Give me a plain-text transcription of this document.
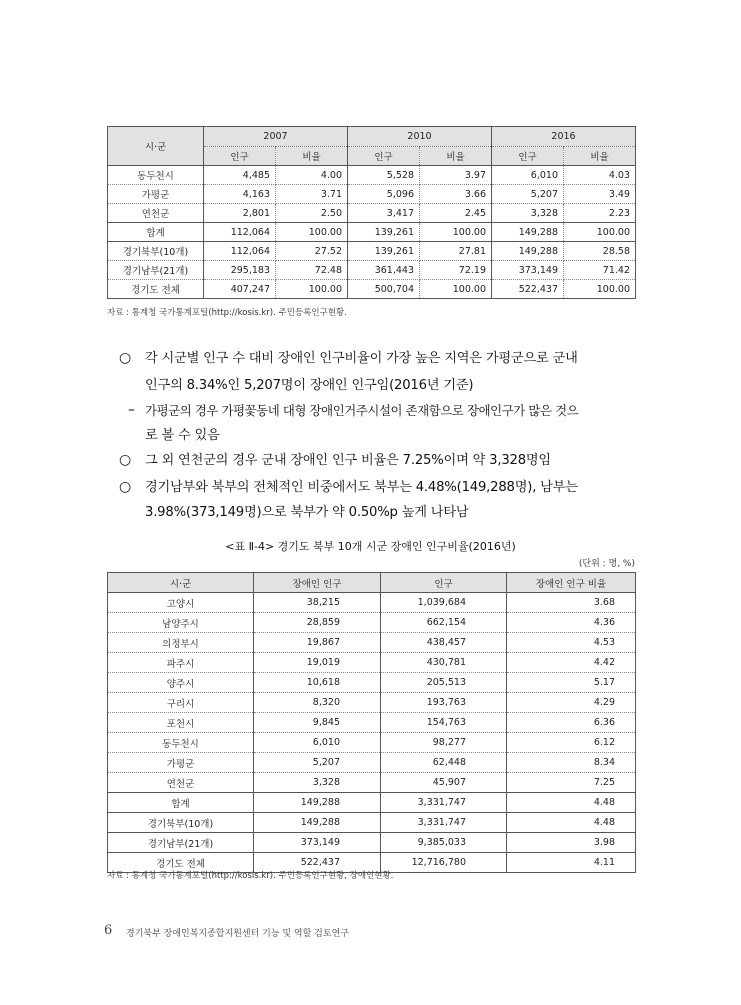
시·군	2007		2010		2016	
	인구	비율	인구	비율	인구	비율
동두천시	4,485	4.00	5,528	3.97	6,010	4.03
가평군	4,163	3.71	5,096	3.66	5,207	3.49
연천군	2,801	2.50	3,417	2.45	3,328	2.23
합계	112,064	100.00	139,261	100.00	149,288	100.00
경기북부(10개)	112,064	27.52	139,261	27.81	149,288	28.58
경기남부(21개)	295,183	72.48	361,443	72.19	373,149	71.42
경기도 전체	407,247	100.00	500,704	100.00	522,437	100.00
자료 : 통계청 국가통계포털(http://kosis.kr). 주민등록인구현황.
○ 각 시군별 인구 수 대비 장애인 인구비율이 가장 높은 지역은 가평군으로 군내
인구의 8.34%인 5,207명이 장애인 인구임(2016년 기준)
– 가평군의 경우 가평꽃동네 대형 장애인거주시설이 존재함으로 장애인구가 많은 것으
로 볼 수 있음
○ 그 외 연천군의 경우 군내 장애인 인구 비율은 7.25%이며 약 3,328명임
○ 경기남부와 북부의 전체적인 비중에서도 북부는 4.48%(149,288명), 남부는
3.98%(373,149명)으로 북부가 약 0.50%p 높게 나타남
<표 Ⅱ-4> 경기도 북부 10개 시군 장애인 인구비율(2016년)
(단위 : 명, %)
시·군	장애인 인구	인구	장애인 인구 비율
고양시	38,215	1,039,684	3.68
남양주시	28,859	662,154	4.36
의정부시	19,867	438,457	4.53
파주시	19,019	430,781	4.42
양주시	10,618	205,513	5.17
구리시	8,320	193,763	4.29
포천시	9,845	154,763	6.36
동두천시	6,010	98,277	6.12
가평군	5,207	62,448	8.34
연천군	3,328	45,907	7.25
합계	149,288	3,331,747	4.48
경기북부(10개)	149,288	3,331,747	4.48
경기남부(21개)	373,149	9,385,033	3.98
경기도 전체	522,437	12,716,780	4.11
자료 : 통계청 국가통계포털(http://kosis.kr). 주민등록인구현황, 장애인현황.
6 경기북부 장애인복지종합지원센터 기능 및 역할 검토연구
